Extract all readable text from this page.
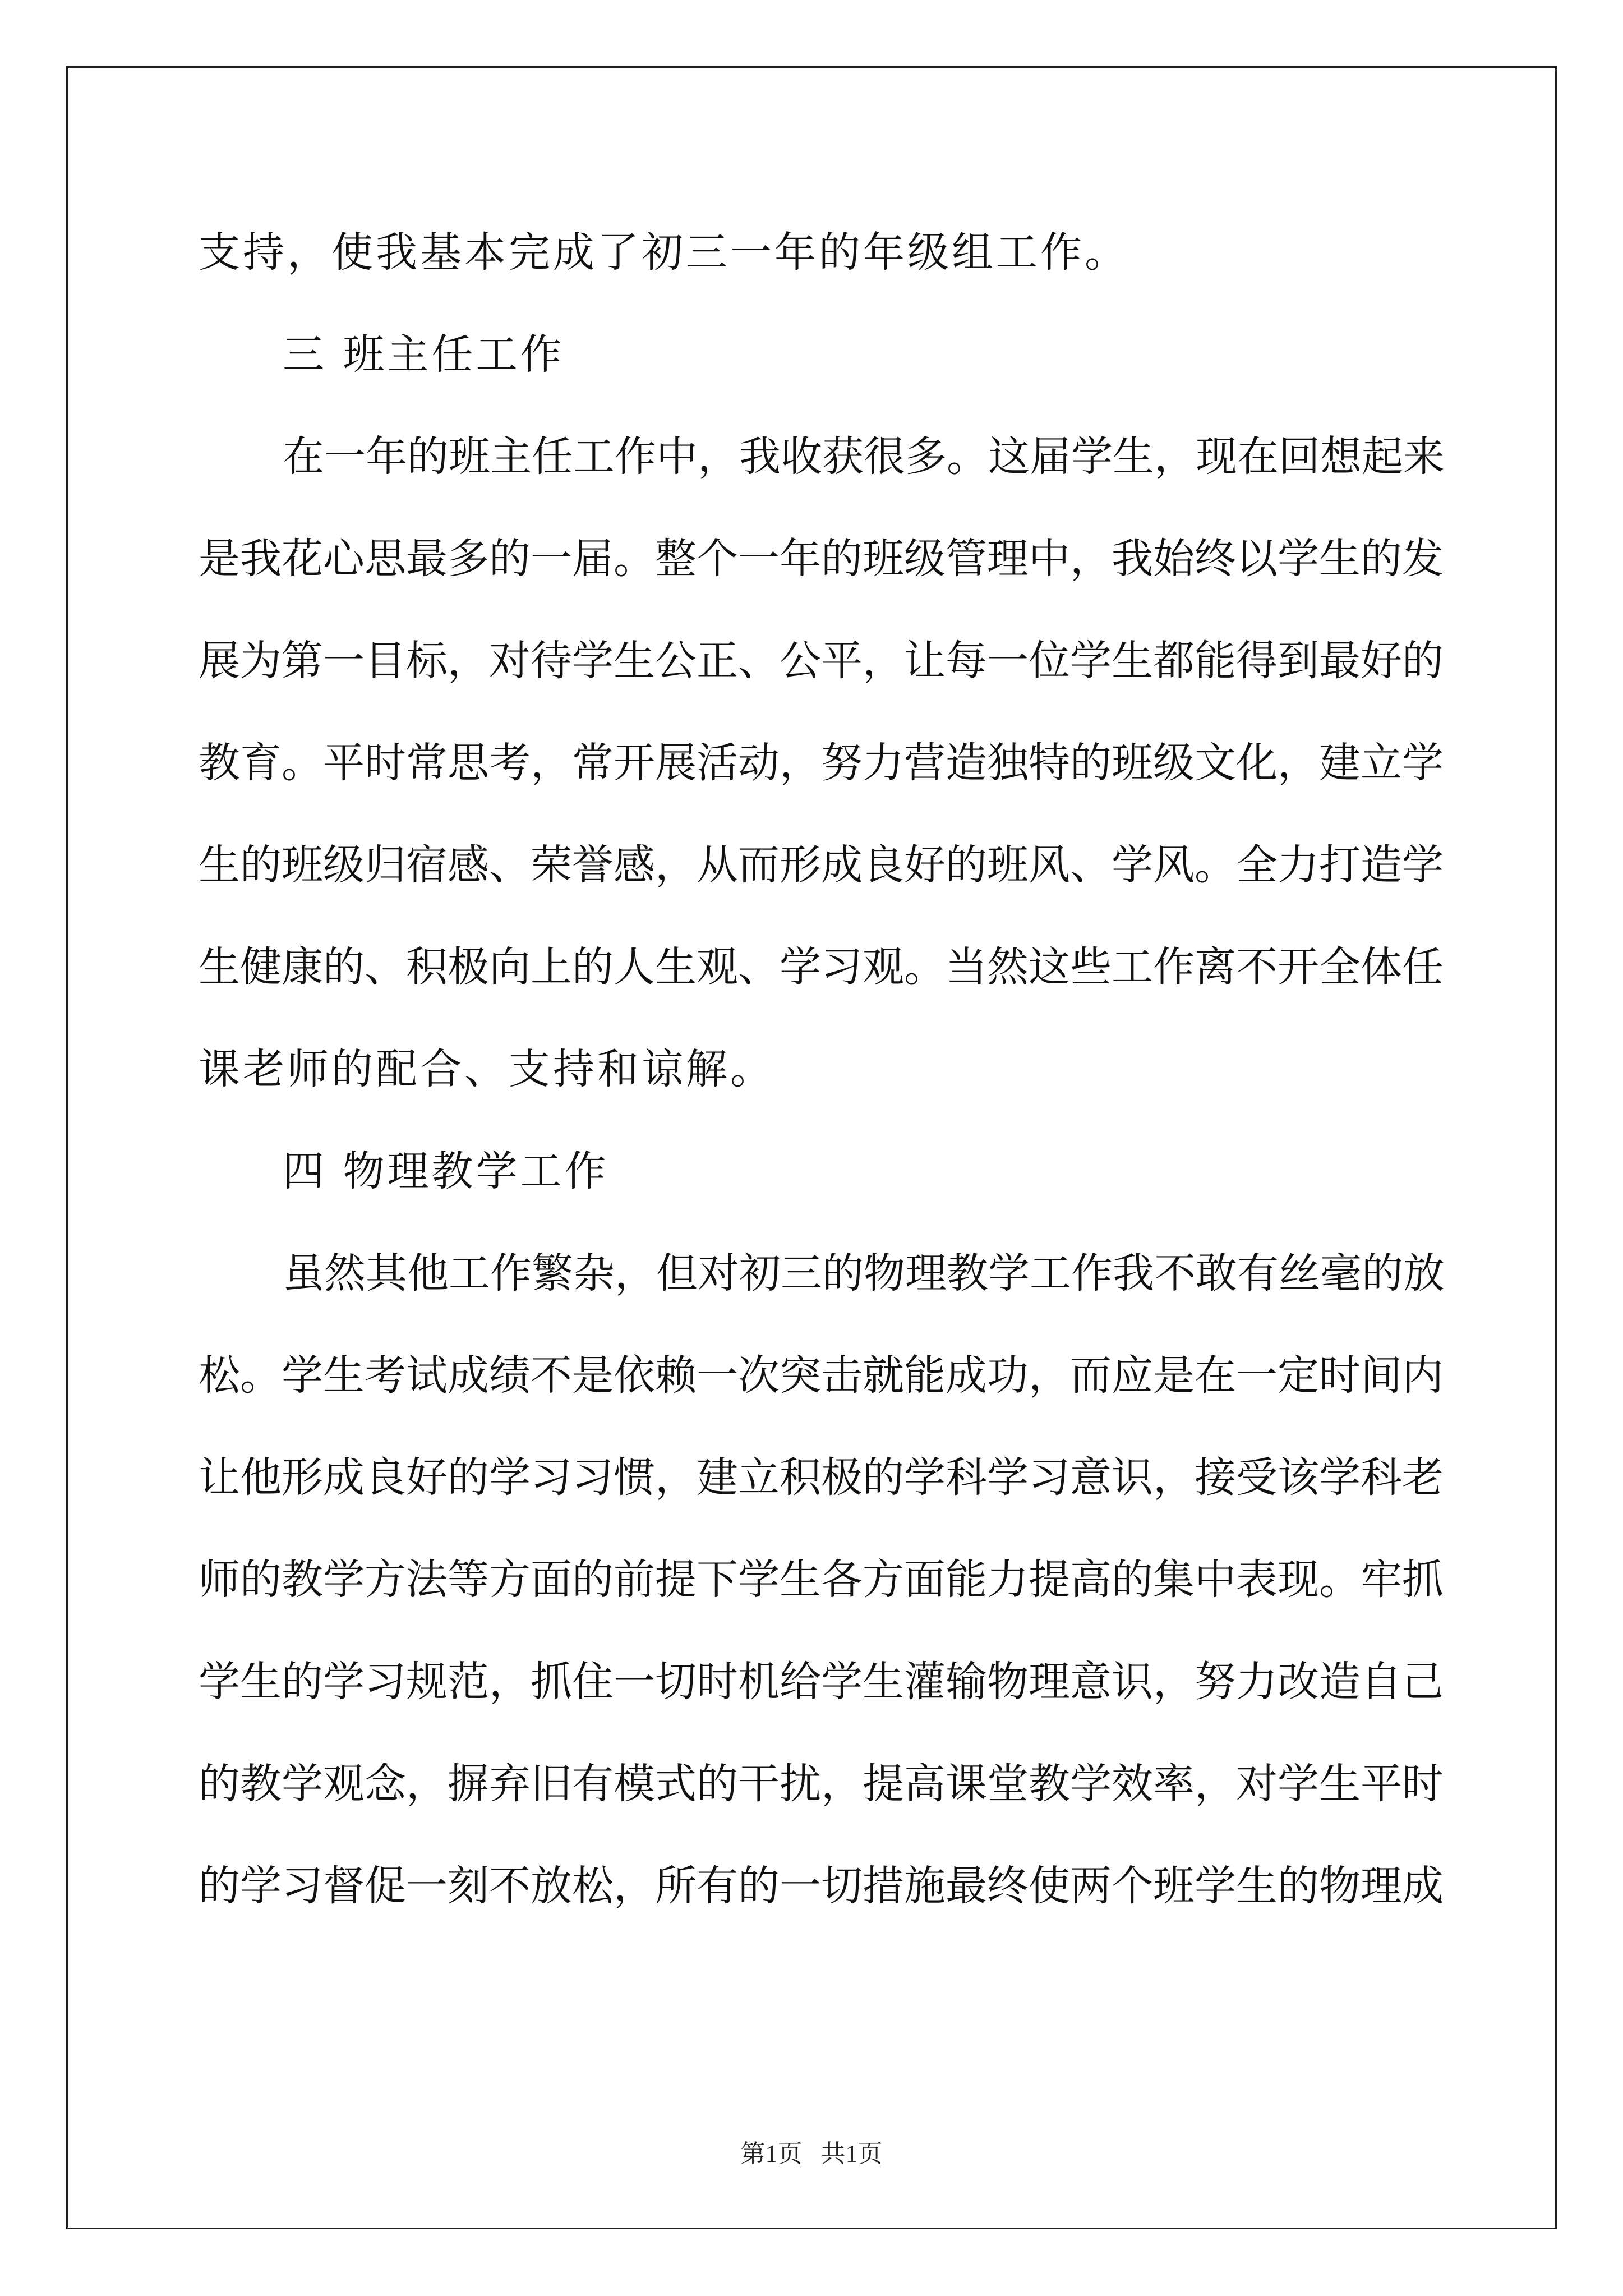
支持，使我基本完成了初三一年的年级组工作。
三 班主任工作
在一年的班主任工作中，我收获很多。这届学生，现在回想起来
是我花心思最多的一届。整个一年的班级管理中，我始终以学生的发
展为第一目标，对待学生公正、公平，让每一位学生都能得到最好的
教育。平时常思考，常开展活动，努力营造独特的班级文化，建立学
生的班级归宿感、荣誉感，从而形成良好的班风、学风。全力打造学
生健康的、积极向上的人生观、学习观。当然这些工作离不开全体任
课老师的配合、支持和谅解。
四 物理教学工作
虽然其他工作繁杂，但对初三的物理教学工作我不敢有丝毫的放
松。学生考试成绩不是依赖一次突击就能成功，而应是在一定时间内
让他形成良好的学习习惯，建立积极的学科学习意识，接受该学科老
师的教学方法等方面的前提下学生各方面能力提高的集中表现。牢抓
学生的学习规范，抓住一切时机给学生灌输物理意识，努力改造自己
的教学观念，摒弃旧有模式的干扰，提高课堂教学效率，对学生平时
的学习督促一刻不放松，所有的一切措施最终使两个班学生的物理成
第1页   共1页
